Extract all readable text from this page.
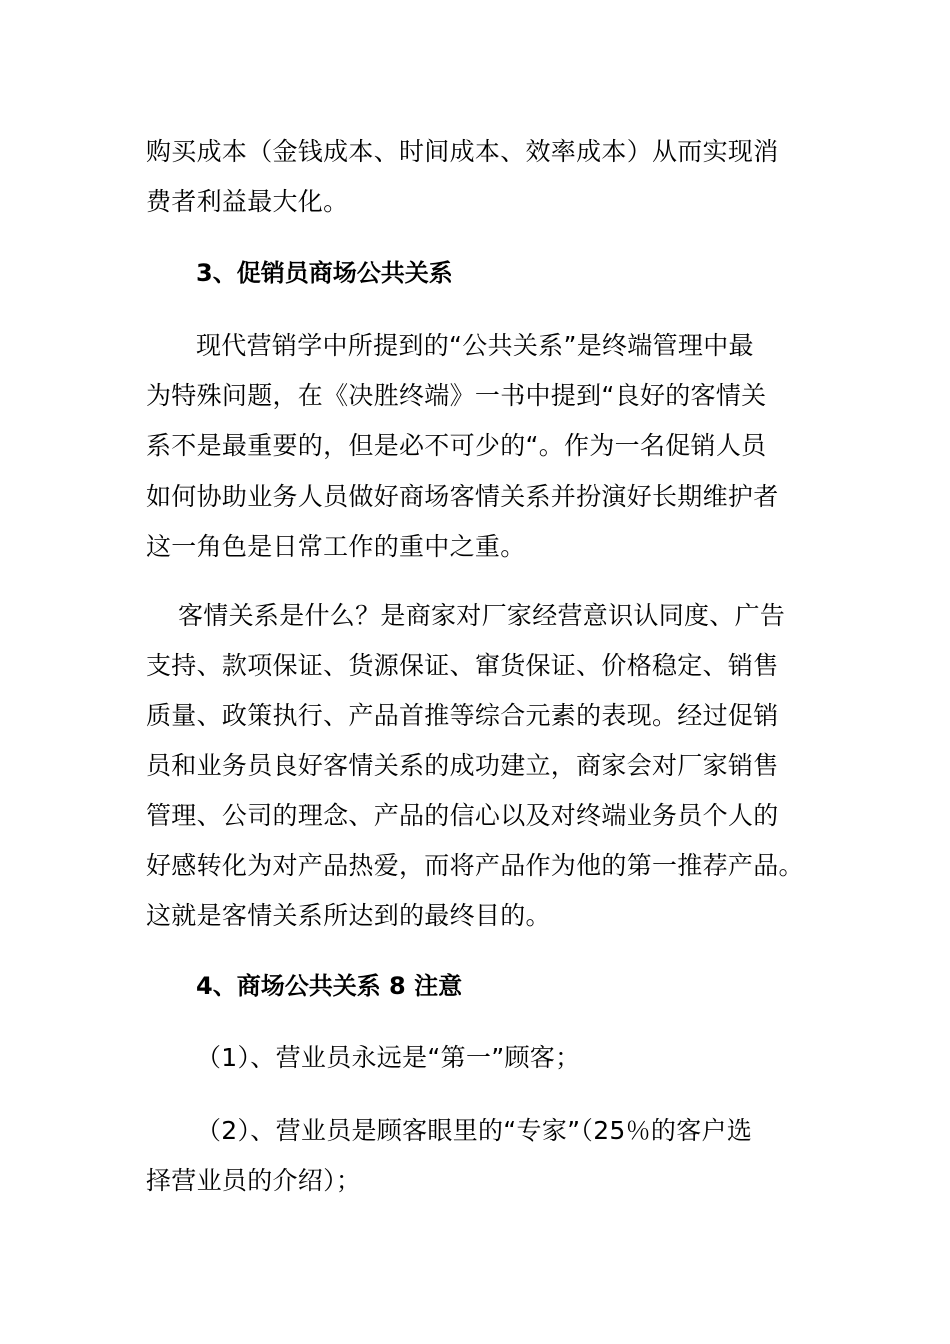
购买成本（金钱成本、时间成本、效率成本）从而实现消
费者利益最大化。
3、促销员商场公共关系
现代营销学中所提到的“公共关系”是终端管理中最
为特殊问题，在《决胜终端》一书中提到“良好的客情关
系不是最重要的，但是必不可少的“。作为一名促销人员
如何协助业务人员做好商场客情关系并扮演好长期维护者
这一角色是日常工作的重中之重。
客情关系是什么？是商家对厂家经营意识认同度、广告
支持、款项保证、货源保证、窜货保证、价格稳定、销售
质量、政策执行、产品首推等综合元素的表现。经过促销
员和业务员良好客情关系的成功建立，商家会对厂家销售
管理、公司的理念、产品的信心以及对终端业务员个人的
好感转化为对产品热爱，而将产品作为他的第一推荐产品。
这就是客情关系所达到的最终目的。
4、商场公共关系 8 注意
（1）、营业员永远是“第一”顾客；
（2）、营业员是顾客眼里的“专家”（25％的客户选
择营业员的介绍）；
